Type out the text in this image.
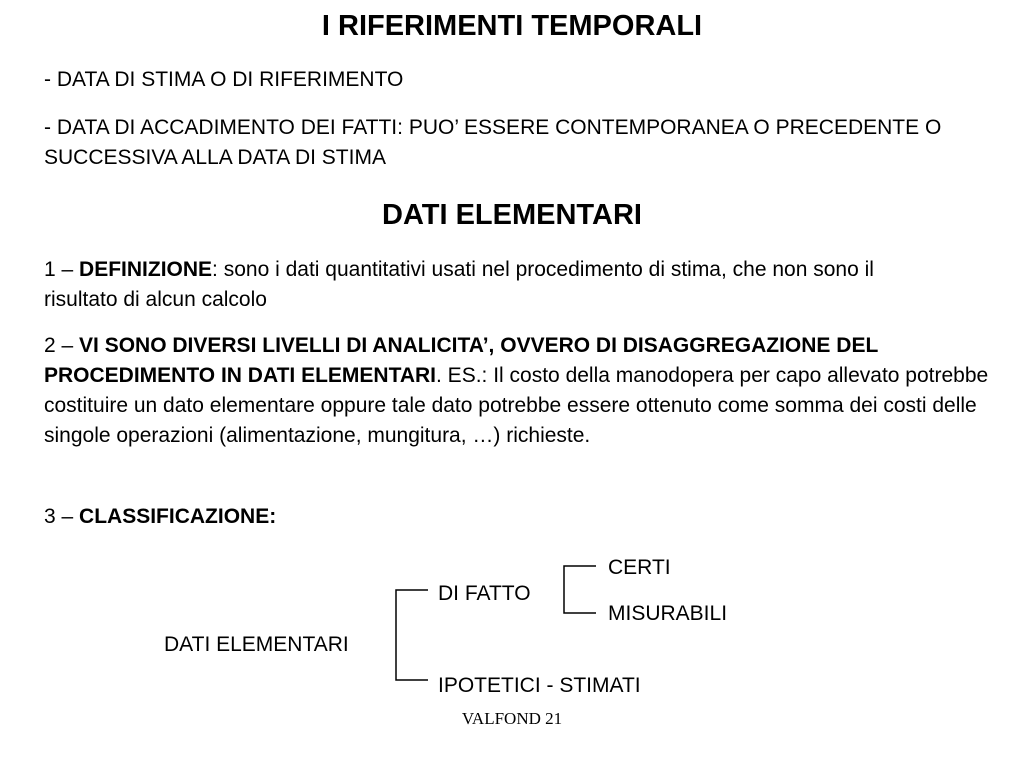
I RIFERIMENTI TEMPORALI
- DATA DI STIMA O DI RIFERIMENTO
- DATA DI ACCADIMENTO DEI FATTI: PUO’ ESSERE CONTEMPORANEA O PRECEDENTE O SUCCESSIVA ALLA DATA DI STIMA
DATI ELEMENTARI
1 – DEFINIZIONE: sono i dati quantitativi usati nel procedimento di stima, che non sono il risultato di alcun calcolo
2 – VI SONO DIVERSI LIVELLI DI ANALICITA’, OVVERO DI DISAGGREGAZIONE DEL PROCEDIMENTO IN DATI ELEMENTARI. ES.: Il costo della manodopera per capo allevato potrebbe costituire un dato elementare oppure tale dato potrebbe essere ottenuto come somma dei costi delle singole operazioni (alimentazione, mungitura, …) richieste.
3 – CLASSIFICAZIONE:
DATI ELEMENTARI
DI FATTO
CERTI
MISURABILI
IPOTETICI - STIMATI
VALFOND 21
